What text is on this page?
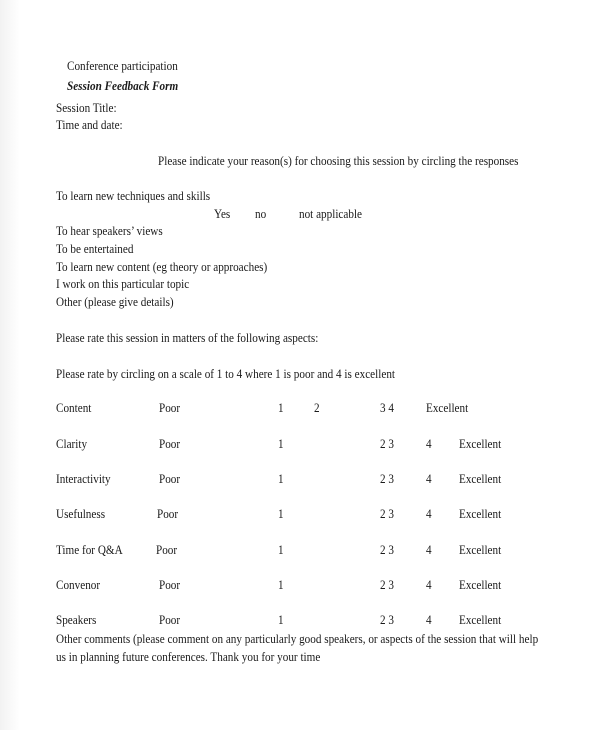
Conference participation
Session Feedback Form
Session Title:
Time and date:
Please indicate your reason(s) for choosing this session by circling the responses
To learn new techniques and skills
Yes no	not applicable
To hear speakers’ views
To be entertained
To learn new content (eg theory or approaches)
I work on this particular topic
Other (please give details)
Please rate this session in matters of the following aspects:
Please rate by circling on a scale of 1 to 4 where 1 is poor and 4 is excellent
Content	Poor	1 2	3 4 Excellent
Clarity	Poor	1	2 3 4 Excellent
Interactivity	Poor	1	2 3 4 Excellent
Usefulness	Poor	1	2 3 4 Excellent
Time for Q&A	Poor	1	2 3 4 Excellent
Convenor	Poor	1	2 3 4 Excellent
Speakers	Poor	1	2 3 4 Excellent
Other comments (please comment on any particularly good speakers, or aspects of the session that will help
us in planning future conferences. Thank you for your time
